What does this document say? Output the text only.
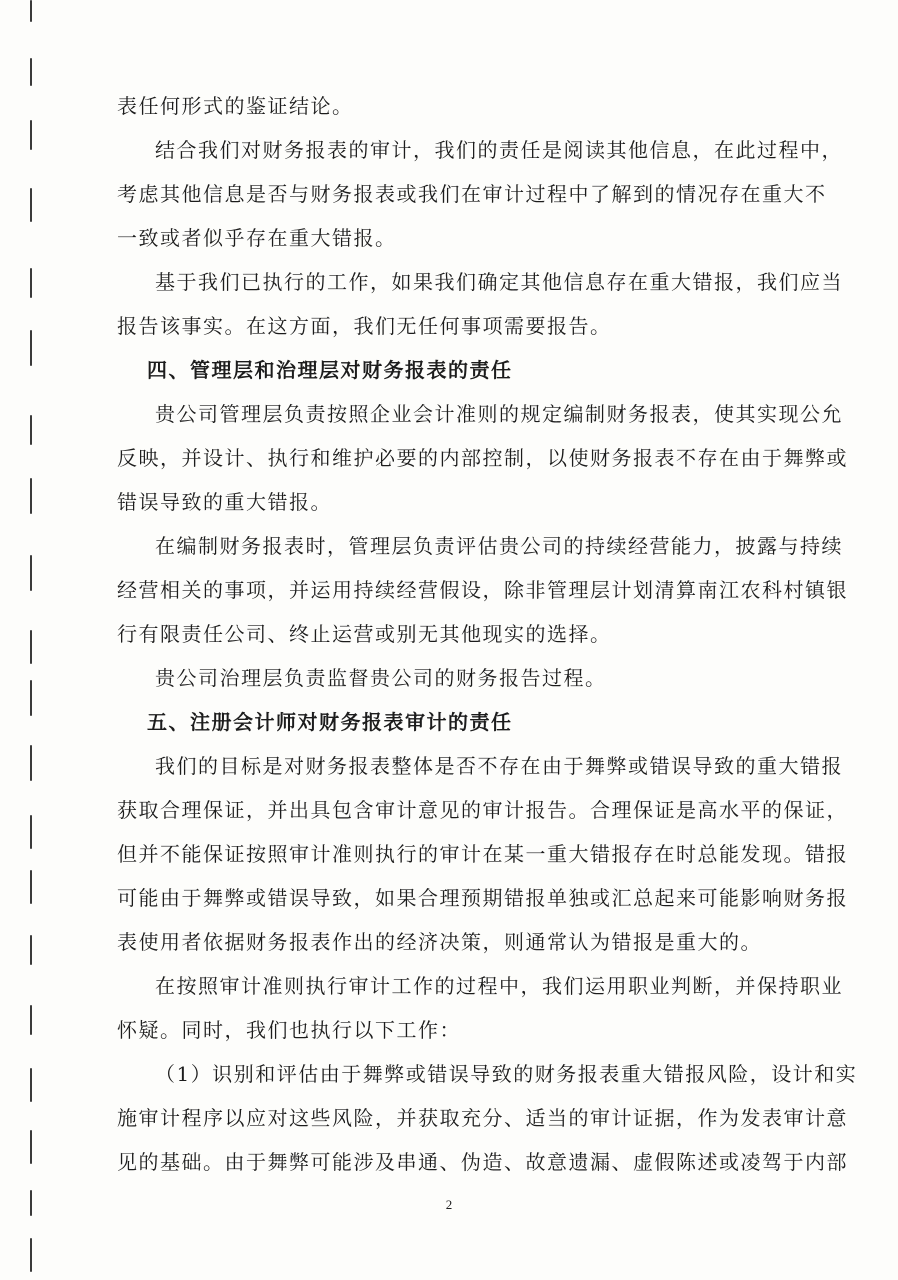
表任何形式的鉴证结论。
结合我们对财务报表的审计，我们的责任是阅读其他信息，在此过程中，
考虑其他信息是否与财务报表或我们在审计过程中了解到的情况存在重大不
一致或者似乎存在重大错报。
基于我们已执行的工作，如果我们确定其他信息存在重大错报，我们应当
报告该事实。在这方面，我们无任何事项需要报告。
四、管理层和治理层对财务报表的责任
贵公司管理层负责按照企业会计准则的规定编制财务报表，使其实现公允
反映，并设计、执行和维护必要的内部控制，以使财务报表不存在由于舞弊或
错误导致的重大错报。
在编制财务报表时，管理层负责评估贵公司的持续经营能力，披露与持续
经营相关的事项，并运用持续经营假设，除非管理层计划清算南江农科村镇银
行有限责任公司、终止运营或别无其他现实的选择。
贵公司治理层负责监督贵公司的财务报告过程。
五、注册会计师对财务报表审计的责任
我们的目标是对财务报表整体是否不存在由于舞弊或错误导致的重大错报
获取合理保证，并出具包含审计意见的审计报告。合理保证是高水平的保证，
但并不能保证按照审计准则执行的审计在某一重大错报存在时总能发现。错报
可能由于舞弊或错误导致，如果合理预期错报单独或汇总起来可能影响财务报
表使用者依据财务报表作出的经济决策，则通常认为错报是重大的。
在按照审计准则执行审计工作的过程中，我们运用职业判断，并保持职业
怀疑。同时，我们也执行以下工作：
（1）识别和评估由于舞弊或错误导致的财务报表重大错报风险，设计和实
施审计程序以应对这些风险，并获取充分、适当的审计证据，作为发表审计意
见的基础。由于舞弊可能涉及串通、伪造、故意遗漏、虚假陈述或凌驾于内部
2
